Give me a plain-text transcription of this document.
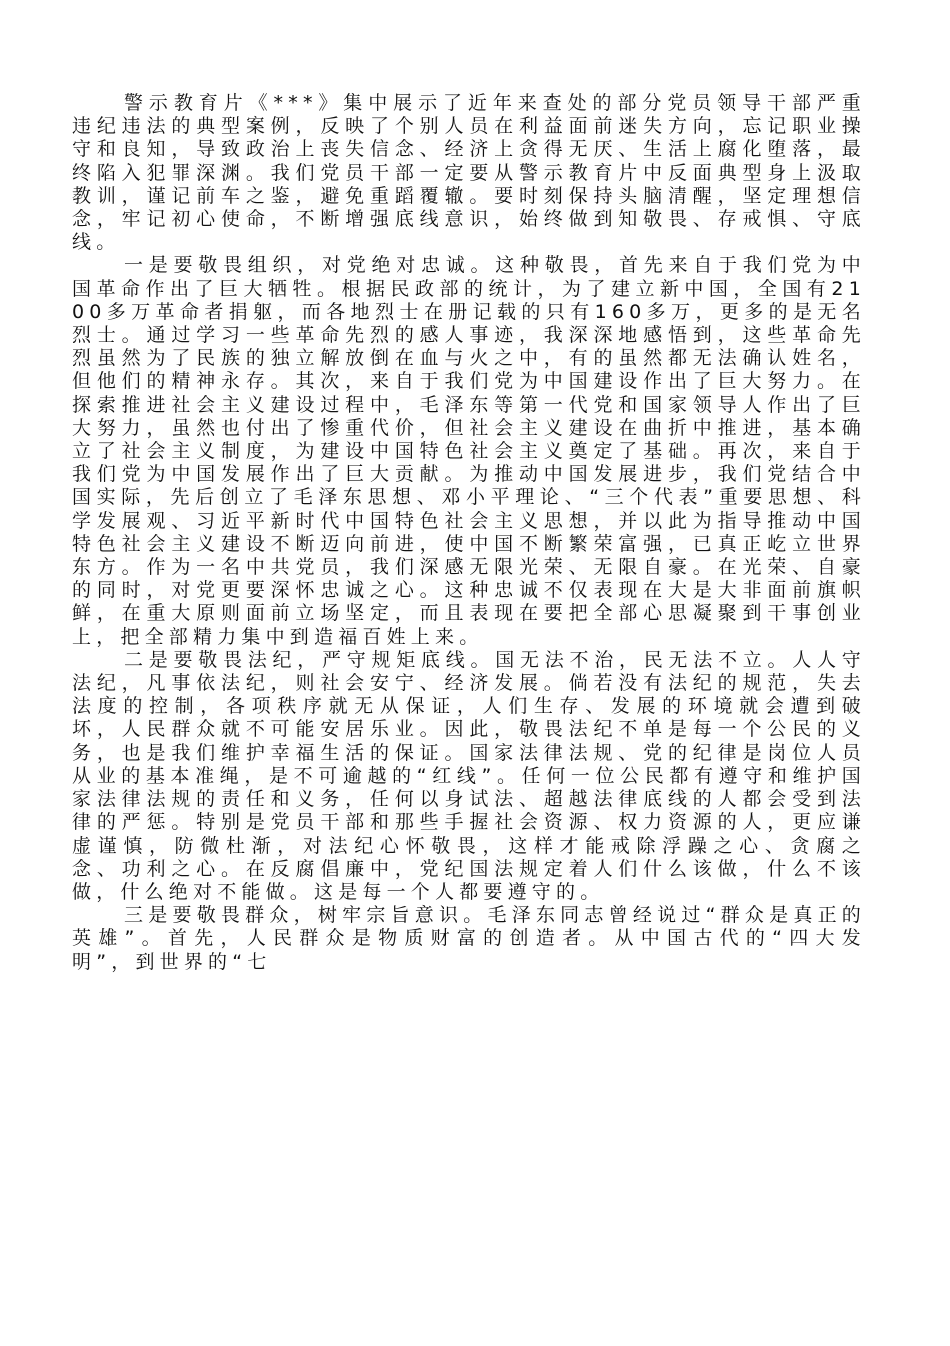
警示教育片《***》集中展示了近年来查处的部分党员领导干部严重违纪违法的典型案例，反映了个别人员在利益面前迷失方向，忘记职业操守和良知，导致政治上丧失信念、经济上贪得无厌、生活上腐化堕落，最终陷入犯罪深渊。我们党员干部一定要从警示教育片中反面典型身上汲取教训，谨记前车之鉴，避免重蹈覆辙。要时刻保持头脑清醒，坚定理想信念，牢记初心使命，不断增强底线意识，始终做到知敬畏、存戒惧、守底线。

一是要敬畏组织，对党绝对忠诚。这种敬畏，首先来自于我们党为中国革命作出了巨大牺牲。根据民政部的统计，为了建立新中国，全国有2100多万革命者捐躯，而各地烈士在册记载的只有160多万，更多的是无名烈士。通过学习一些革命先烈的感人事迹，我深深地感悟到，这些革命先烈虽然为了民族的独立解放倒在血与火之中，有的虽然都无法确认姓名，但他们的精神永存。其次，来自于我们党为中国建设作出了巨大努力。在探索推进社会主义建设过程中，毛泽东等第一代党和国家领导人作出了巨大努力，虽然也付出了惨重代价，但社会主义建设在曲折中推进，基本确立了社会主义制度，为建设中国特色社会主义奠定了基础。再次，来自于我们党为中国发展作出了巨大贡献。为推动中国发展进步，我们党结合中国实际，先后创立了毛泽东思想、邓小平理论、“三个代表”重要思想、科学发展观、习近平新时代中国特色社会主义思想，并以此为指导推动中国特色社会主义建设不断迈向前进，使中国不断繁荣富强，已真正屹立世界东方。作为一名中共党员，我们深感无限光荣、无限自豪。在光荣、自豪的同时，对党更要深怀忠诚之心。这种忠诚不仅表现在大是大非面前旗帜鲜，在重大原则面前立场坚定，而且表现在要把全部心思凝聚到干事创业上，把全部精力集中到造福百姓上来。

二是要敬畏法纪，严守规矩底线。国无法不治，民无法不立。人人守法纪，凡事依法纪，则社会安宁、经济发展。倘若没有法纪的规范，失去法度的控制，各项秩序就无从保证，人们生存、发展的环境就会遭到破坏，人民群众就不可能安居乐业。因此，敬畏法纪不单是每一个公民的义务，也是我们维护幸福生活的保证。国家法律法规、党的纪律是岗位人员从业的基本准绳，是不可逾越的“红线”。任何一位公民都有遵守和维护国家法律法规的责任和义务，任何以身试法、超越法律底线的人都会受到法律的严惩。特别是党员干部和那些手握社会资源、权力资源的人，更应谦虚谨慎，防微杜渐，对法纪心怀敬畏，这样才能戒除浮躁之心、贪腐之念、功利之心。在反腐倡廉中，党纪国法规定着人们什么该做，什么不该做，什么绝对不能做。这是每一个人都要遵守的。

三是要敬畏群众，树牢宗旨意识。毛泽东同志曾经说过“群众是真正的英雄”。首先，人民群众是物质财富的创造者。从中国古代的“四大发明”，到世界的“七
